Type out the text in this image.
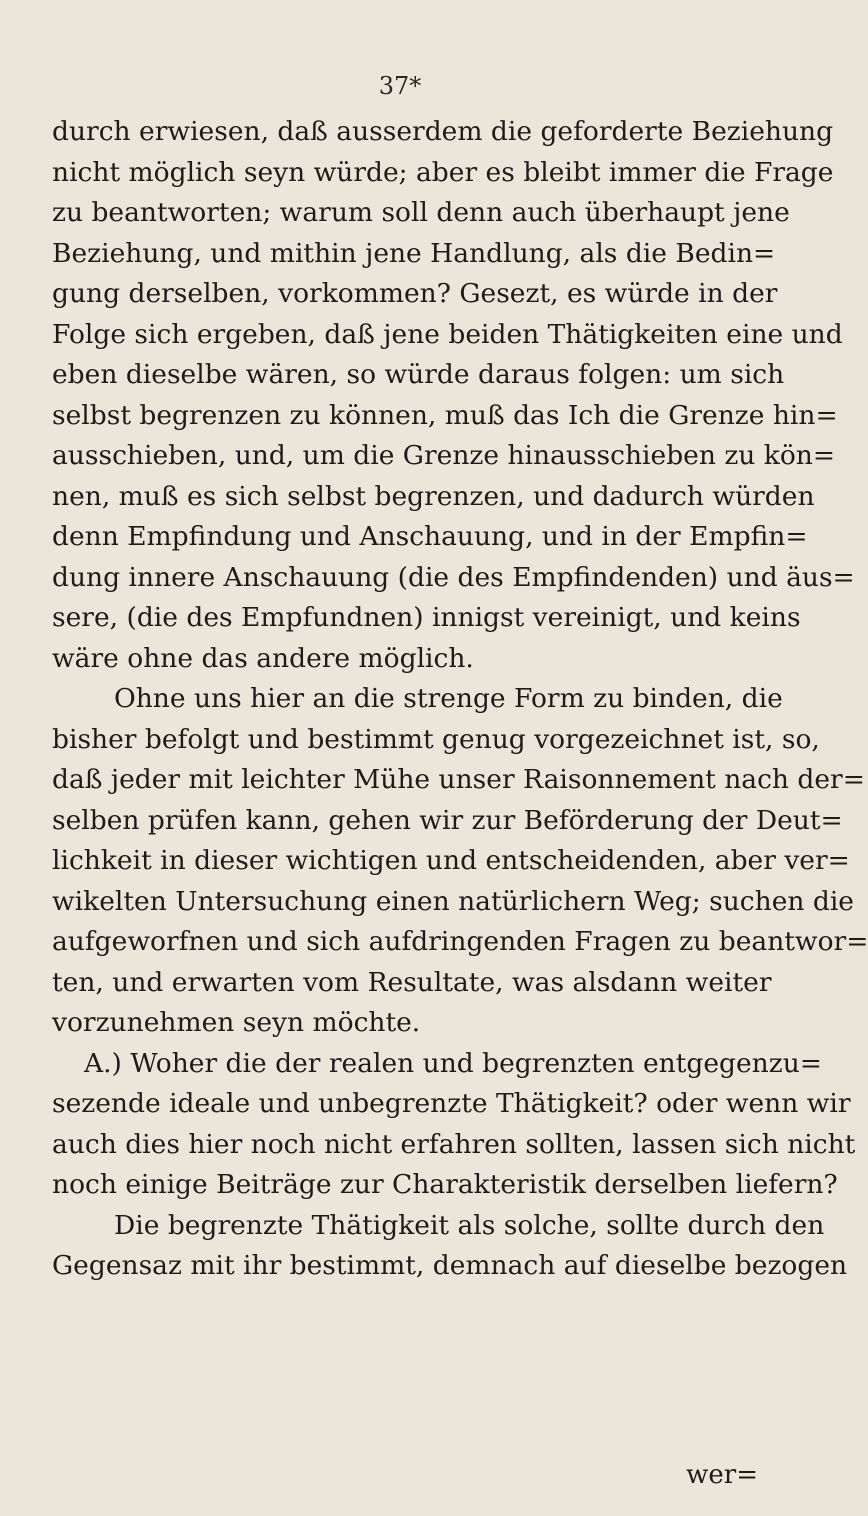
37*
durch erwiesen, daß ausserdem die geforderte Beziehung
nicht möglich seyn würde; aber es bleibt immer die Frage
zu beantworten; warum soll denn auch überhaupt jene
Beziehung, und mithin jene Handlung, als die Bedin=
gung derselben, vorkommen? Gesezt, es würde in der
Folge sich ergeben, daß jene beiden Thätigkeiten eine und
eben dieselbe wären, so würde daraus folgen: um sich
selbst begrenzen zu können, muß das Ich die Grenze hin=
ausschieben, und, um die Grenze hinausschieben zu kön=
nen, muß es sich selbst begrenzen, und dadurch würden
denn Empfindung und Anschauung, und in der Empfin=
dung innere Anschauung (die des Empfindenden) und äus=
sere, (die des Empfundnen) innigst vereinigt, und keins
wäre ohne das andere möglich.
Ohne uns hier an die strenge Form zu binden, die
bisher befolgt und bestimmt genug vorgezeichnet ist, so,
daß jeder mit leichter Mühe unser Raisonnement nach der=
selben prüfen kann, gehen wir zur Beförderung der Deut=
lichkeit in dieser wichtigen und entscheidenden, aber ver=
wikelten Untersuchung einen natürlichern Weg; suchen die
aufgeworfnen und sich aufdringenden Fragen zu beantwor=
ten, und erwarten vom Resultate, was alsdann weiter
vorzunehmen seyn möchte.
A.) Woher die der realen und begrenzten entgegenzu=
sezende ideale und unbegrenzte Thätigkeit? oder wenn wir
auch dies hier noch nicht erfahren sollten, lassen sich nicht
noch einige Beiträge zur Charakteristik derselben liefern?
Die begrenzte Thätigkeit als solche, sollte durch den
Gegensaz mit ihr bestimmt, demnach auf dieselbe bezogen
wer=
